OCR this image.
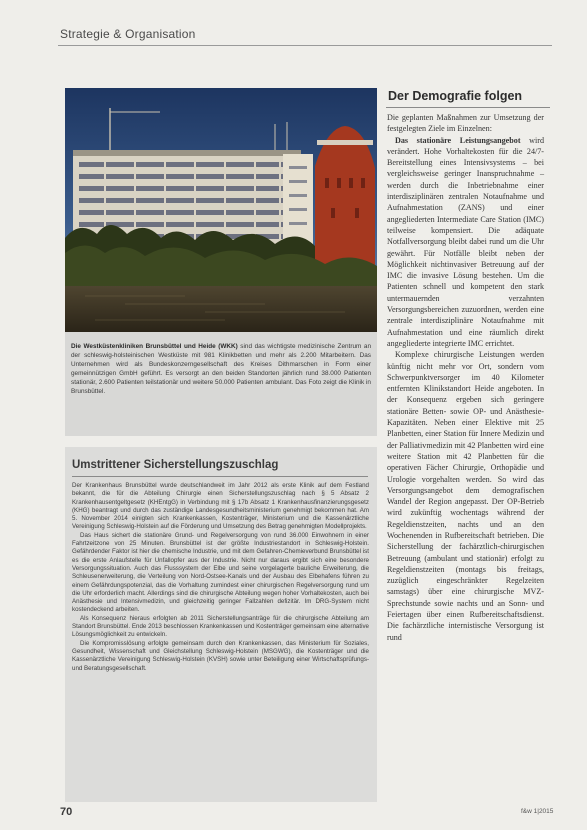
Strategie & Organisation
Die Westküstenkliniken Brunsbüttel und Heide (WKK) sind das wichtigste medizinische Zentrum an der schleswig-holsteinischen Westküste mit 981 Klinikbetten und mehr als 2.200 Mitarbeitern. Das Unternehmen wird als Bundeskonzerngesellschaft des Kreises Dithmarschen in Form einer gemeinnützigen GmbH geführt. Es versorgt an den beiden Standorten jährlich rund 38.000 Patienten stationär, 2.600 Patienten teilstationär und weitere 50.000 Patienten ambulant. Das Foto zeigt die Klinik in Brunsbüttel.
Umstrittener Sicherstellungszuschlag

Der Krankenhaus Brunsbüttel wurde deutschlandweit im Jahr 2012 als erste Klinik auf dem Festland bekannt, die für die Abteilung Chirurgie einen Sicherstellungszuschlag nach § 5 Absatz 2 Krankenhausentgeltgesetz (KHEntgG) in Verbindung mit § 17b Absatz 1 Krankenhausfinanzierungsgesetz (KHG) beantragt und durch das zuständige Landesgesundheitsministerium genehmigt bekommen hat. Am 5. November 2014 einigten sich Krankenkassen, Kostenträger, Ministerium und die Kassenärztliche Vereinigung Schleswig-Holstein auf die Förderung und Umsetzung des Betrag genehmigten Modellprojekts.

Das Haus sichert die stationäre Grund- und Regelversorgung von rund 36.000 Einwohnern in einer Fahrtzeitzone von 25 Minuten. Brunsbüttel ist der größte Industriestandort in Schleswig-Holstein. Gefährdender Faktor ist hier die chemische Industrie, und mit dem Gefahren-Chemieverbund Brunsbüttel ist es die erste Anlaufstelle für Unfallopfer aus der Industrie. Nicht nur daraus ergibt sich eine besondere Versorgungssituation. Auch das Flusssystem der Elbe und seine vorgelagerte bauliche Erweiterung, die Schleusenerweiterung, die Verteilung von Nord-Ostsee-Kanals und der Ausbau des Elbehafens führen zu einem Gefährdungspotenzial, das die Vorhaltung zumindest einer chirurgischen Regelversorgung rund um die Uhr erforderlich macht. Allerdings sind die chirurgische Abteilung wegen hoher Vorhaltekosten, auch bei Anästhesie und Intensivmedizin, und gleichzeitig geringer Fallzahlen defizitär. Im DRG-System nicht kostendeckend arbeiten.

Als Konsequenz hieraus erfolgten ab 2011 Sicherstellungsanträge für die chirurgische Abteilung am Standort Brunsbüttel. Ende 2013 beschlossen Krankenkassen und Kostenträger gemeinsam eine alternative Lösungsmöglichkeit zu entwickeln.

Die Kompromisslösung erfolgte gemeinsam durch den Krankenkassen, das Ministerium für Soziales, Gesundheit, Wissenschaft und Gleichstellung Schleswig-Holstein (MSGWG), die Kostenträger und die Kassenärztliche Vereinigung Schleswig-Holstein (KVSH) sowie unter Beteiligung einer Wirtschaftsprüfungs- und Beratungsgesellschaft.

Der Demografie folgen

Die geplanten Maßnahmen zur Umsetzung der festgelegten Ziele im Einzelnen:

Das stationäre Leistungsangebot wird verändert. Hohe Vorhaltekosten für die 24/7-Bereitstellung eines Intensivsystems – bei vergleichsweise geringer Inanspruchnahme – werden durch die Inbetriebnahme einer interdisziplinären zentralen Notaufnahme und Aufnahmestation (ZANS) und einer angegliederten Intermediate Care Station (IMC) teilweise kompensiert. Die adäquate Notfallversorgung bleibt dabei rund um die Uhr gewährt. Für Notfälle bleibt neben der Möglichkeit nichtinvasiver Betreuung auf der IMC die invasive Lösung bestehen. Um die Patienten schnell und kompetent den stark untermauernden verzahnten Versorgungsbereichen zuzuordnen, werden eine zentrale interdisziplinäre Notaufnahme mit Aufnahmestation und eine räumlich direkt angegliederte integrierte IMC errichtet.

Komplexe chirurgische Leistungen werden künftig nicht mehr vor Ort, sondern vom Schwerpunktversorger im 40 Kilometer entfernten Klinikstandort Heide angeboten. In der Konsequenz ergeben sich geringere stationäre Betten- sowie OP- und Anästhesie-Kapazitäten. Neben einer Elektive mit 25 Planbetten, einer Station für Innere Medizin und der Palliativmedizin mit 42 Planbetten wird eine weitere Station mit 42 Planbetten für die operativen Fächer Chirurgie, Orthopädie und Urologie vorgehalten werden. So wird das Versorgungsangebot dem demografischen Wandel der Region angepasst. Der OP-Betrieb wird zukünftig wochentags während der Regeldienstzeiten, nachts und an den Wochenenden in Rufbereitschaft betrieben. Die Sicherstellung der fachärztlich-chirurgischen Betreuung (ambulant und stationär) erfolgt zu Regeldienstzeiten (montags bis freitags, zuzüglich eingeschränkter Regelzeiten samstags) über eine chirurgische MVZ-Sprechstunde sowie nachts und an Sonn- und Feiertagen über einen Rufbereitschaftsdienst. Die fachärztliche internistische Versorgung ist rund

70	f&w 1|2015
